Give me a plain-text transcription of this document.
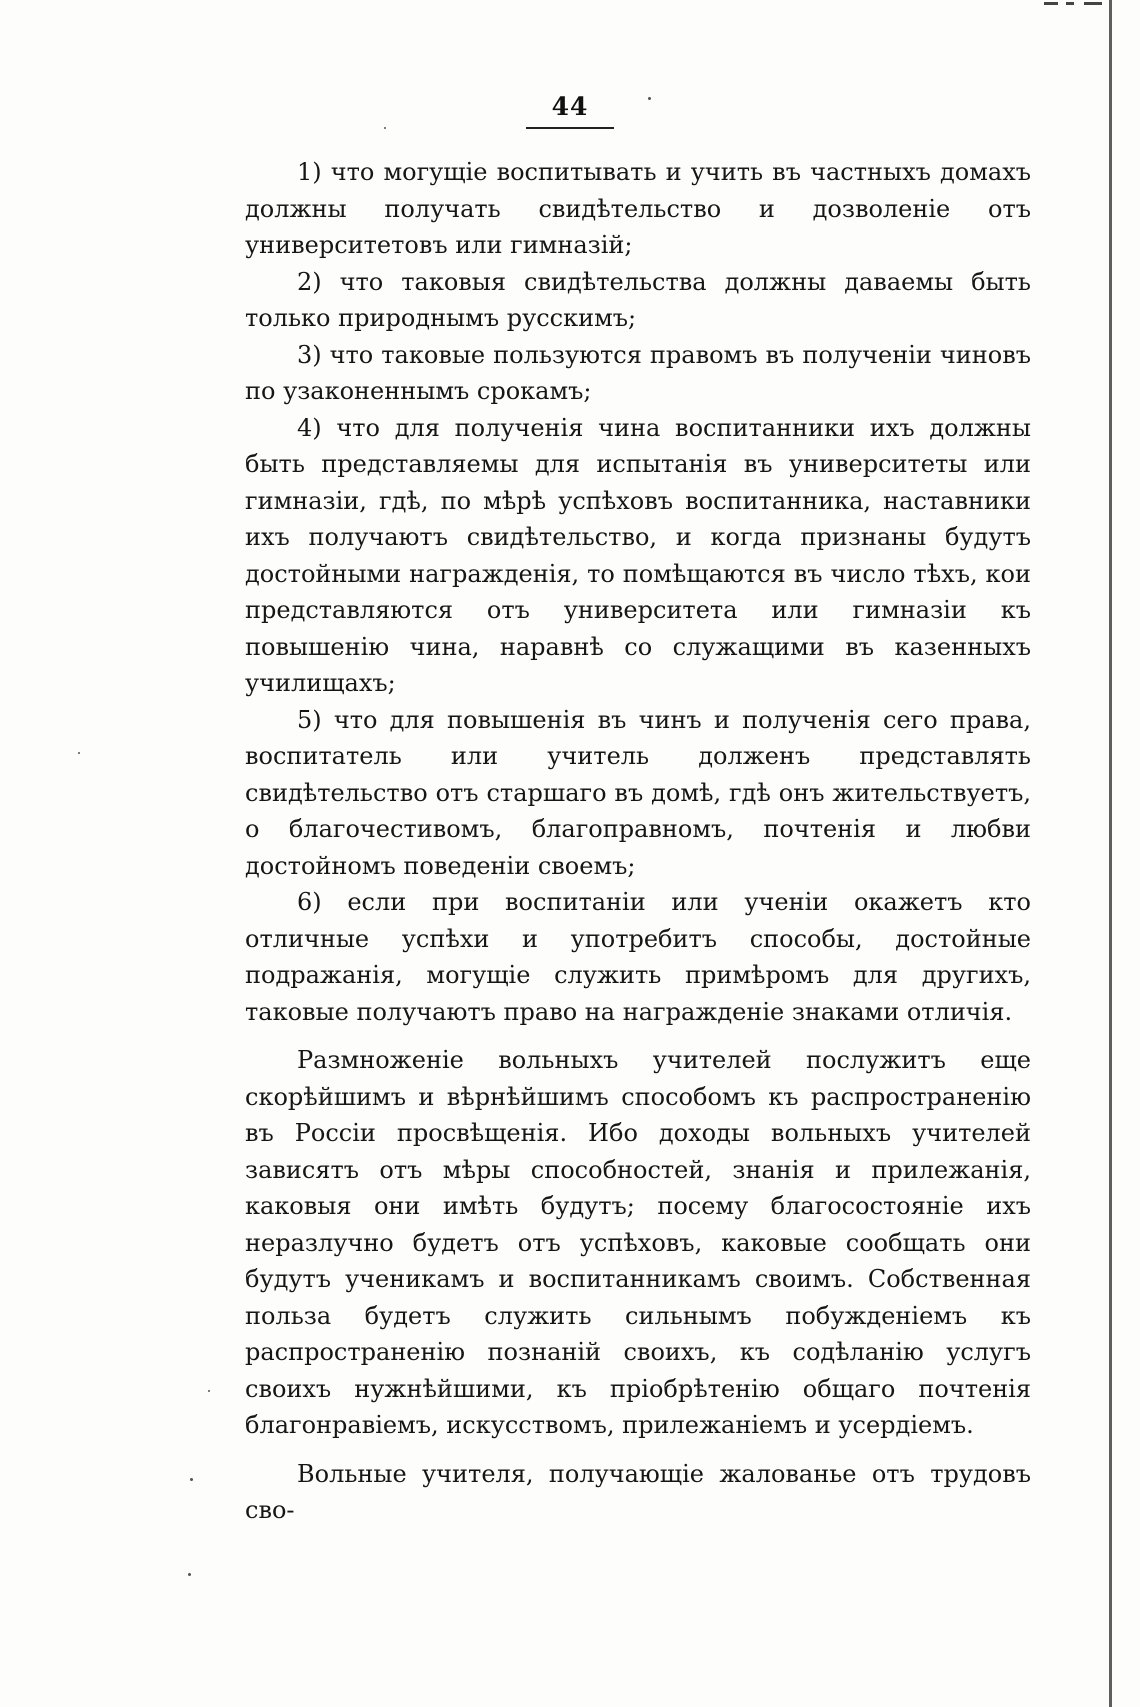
44

1) что могущіе воспитывать и учить въ частныхъ домахъ должны получать свидѣтельство и дозволеніе отъ университетовъ или гимназій;

2) что таковыя свидѣтельства должны даваемы быть только природнымъ русскимъ;

3) что таковые пользуются правомъ въ полученіи чиновъ по узаконеннымъ срокамъ;

4) что для полученія чина воспитанники ихъ должны быть представляемы для испытанія въ университеты или гимназіи, гдѣ, по мѣрѣ успѣховъ воспитанника, наставники ихъ получаютъ свидѣтельство, и когда признаны будутъ достойными награжденія, то помѣщаются въ число тѣхъ, кои представляются отъ университета или гимназіи къ повышенію чина, наравнѣ со служащими въ казенныхъ училищахъ;

5) что для повышенія въ чинъ и полученія сего права, воспитатель или учитель долженъ представлять свидѣтельство отъ старшаго въ домѣ, гдѣ онъ жительствуетъ, о благочестивомъ, благоправномъ, почтенія и любви достойномъ поведеніи своемъ;

6) если при воспитаніи или ученіи окажетъ кто отличные успѣхи и употребитъ способы, достойные подражанія, могущіе служить примѣромъ для другихъ, таковые получаютъ право на награжденіе знаками отличія.

Размноженіе вольныхъ учителей послужитъ еще скорѣйшимъ и вѣрнѣйшимъ способомъ къ распространенію въ Россіи просвѣщенія. Ибо доходы вольныхъ учителей зависятъ отъ мѣры способностей, знанія и прилежанія, каковыя они имѣть будутъ; посему благосостояніе ихъ неразлучно будетъ отъ успѣховъ, каковые сообщать они будутъ ученикамъ и воспитанникамъ своимъ. Собственная польза будетъ служить сильнымъ побужденіемъ къ распространенію познаній своихъ, къ содѣланію услугъ своихъ нужнѣйшими, къ пріобрѣтенію общаго почтенія благонравіемъ, искусствомъ, прилежаніемъ и усердіемъ.

Вольные учителя, получающіе жалованье отъ трудовъ сво-
